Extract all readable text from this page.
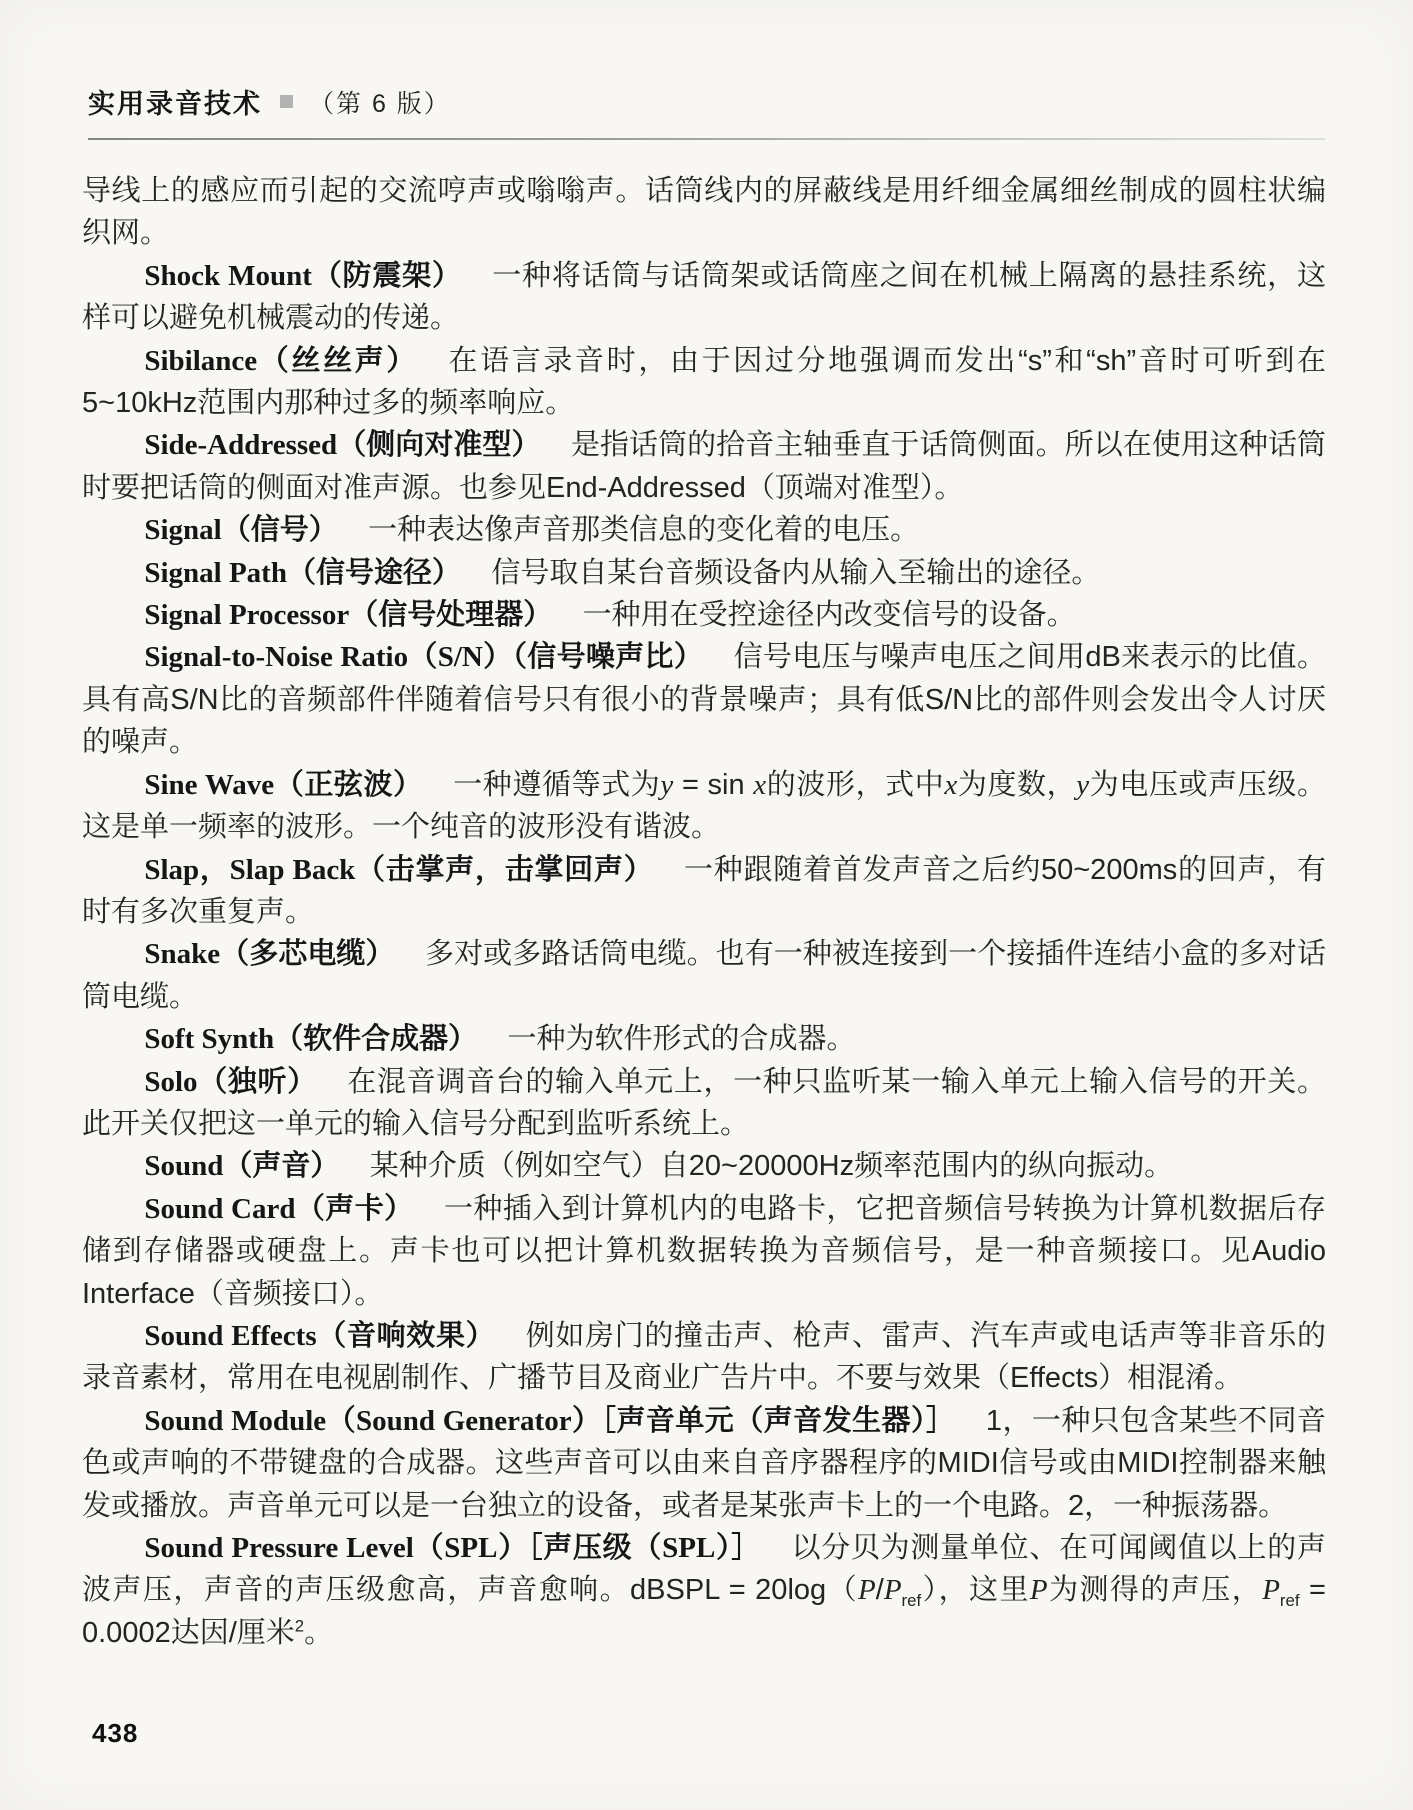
实用录音技术 （第 6 版）

导线上的感应而引起的交流哼声或嗡嗡声。话筒线内的屏蔽线是用纤细金属细丝制成的圆柱状编织网。

Shock Mount（防震架） 一种将话筒与话筒架或话筒座之间在机械上隔离的悬挂系统，这样可以避免机械震动的传递。

Sibilance（丝丝声） 在语言录音时，由于因过分地强调而发出“s”和“sh”音时可听到在5~10kHz范围内那种过多的频率响应。

Side-Addressed（侧向对准型） 是指话筒的拾音主轴垂直于话筒侧面。所以在使用这种话筒时要把话筒的侧面对准声源。也参见End-Addressed（顶端对准型）。

Signal（信号） 一种表达像声音那类信息的变化着的电压。

Signal Path（信号途径） 信号取自某台音频设备内从输入至输出的途径。

Signal Processor（信号处理器） 一种用在受控途径内改变信号的设备。

Signal-to-Noise Ratio（S/N）（信号噪声比） 信号电压与噪声电压之间用dB来表示的比值。具有高S/N比的音频部件伴随着信号只有很小的背景噪声；具有低S/N比的部件则会发出令人讨厌的噪声。

Sine Wave（正弦波） 一种遵循等式为y = sin x的波形，式中x为度数，y为电压或声压级。这是单一频率的波形。一个纯音的波形没有谐波。

Slap，Slap Back（击掌声，击掌回声） 一种跟随着首发声音之后约50~200ms的回声，有时有多次重复声。

Snake（多芯电缆） 多对或多路话筒电缆。也有一种被连接到一个接插件连结小盒的多对话筒电缆。

Soft Synth（软件合成器） 一种为软件形式的合成器。

Solo（独听） 在混音调音台的输入单元上，一种只监听某一输入单元上输入信号的开关。此开关仅把这一单元的输入信号分配到监听系统上。

Sound（声音） 某种介质（例如空气）自20~20000Hz频率范围内的纵向振动。

Sound Card（声卡） 一种插入到计算机内的电路卡，它把音频信号转换为计算机数据后存储到存储器或硬盘上。声卡也可以把计算机数据转换为音频信号，是一种音频接口。见Audio Interface（音频接口）。

Sound Effects（音响效果） 例如房门的撞击声、枪声、雷声、汽车声或电话声等非音乐的录音素材，常用在电视剧制作、广播节目及商业广告片中。不要与效果（Effects）相混淆。

Sound Module（Sound Generator）［声音单元（声音发生器）］ 1，一种只包含某些不同音色或声响的不带键盘的合成器。这些声音可以由来自音序器程序的MIDI信号或由MIDI控制器来触发或播放。声音单元可以是一台独立的设备，或者是某张声卡上的一个电路。2，一种振荡器。

Sound Pressure Level（SPL）［声压级（SPL）］ 以分贝为测量单位、在可闻阈值以上的声波声压，声音的声压级愈高，声音愈响。dBSPL = $20\log(P/P_{ref})$，这里P为测得的声压，$P_{ref} = 0.0002$达因/厘米$^2$。

438
